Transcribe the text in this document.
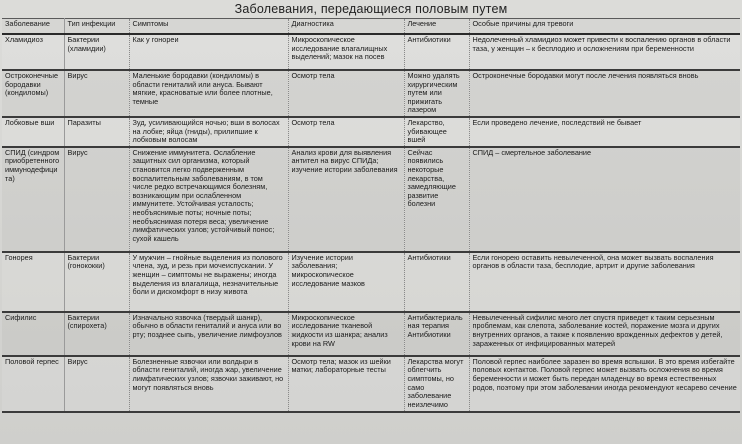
Заболевания, передающиеся половым путем
Заболевание	Тип инфекции	Симптомы	Диагностика	Лечение	Особые причины для тревоги
Хламидиоз	Бактерии (хламидии)	Как у гонореи	Микроскопическое исследование влагалищных выделений; мазок на посев	Антибиотики	Недолеченный хламидиоз может привести к воспалению органов в области таза, у женщин – к бесплодию и осложнениям при беременности
Остроконечные бородавки (кондиломы)	Вирус	Маленькие бородавки (кондиломы) в области гениталий или ануса. Бывают мягкие, красноватые или более плотные, темные	Осмотр тела	Можно удалять хирургическим путем или прижигать лазером	Остроконечные бородавки могут после лечения появляться вновь
Лобковые вши	Паразиты	Зуд, усиливающийся ночью; вши в волосах на лобке; яйца (гниды), прилипшие к лобковым волосам	Осмотр тела	Лекарство, убивающее вшей	Если проведено лечение, последствий не бывает
СПИД (синдром приобретенного иммунодефицита)	Вирус	Снижение иммунитета. Ослабление защитных сил организма, который становится легко подверженным воспалительным заболеваниям, в том числе редко встречающимся болезням, возникающим при ослабленном иммунитете. Устойчивая усталость; необъяснимые поты; ночные поты; необъяснимая потеря веса; увеличение лимфатических узлов; устойчивый понос; сухой кашель	Анализ крови для выявления антител на вирус СПИДа; изучение истории заболевания	Сейчас появились некоторые лекарства, замедляющие развитие болезни	СПИД – смертельное заболевание
Гонорея	Бактерии (гонококки)	У мужчин – гнойные выделения из полового члена, зуд, и резь при мочеиспускании. У женщин – симптомы не выражены; иногда выделения из влагалища, незначительные боли и дискомфорт в низу живота	Изучение истории заболевания; микроскопическое исследование мазков	Антибиотики	Если гонорею оставить невылеченной, она может вызвать воспаления органов в области таза, бесплодие, артрит и другие заболевания
Сифилис	Бактерии (спирохета)	Изначально язвочка (твердый шанкр), обычно в области гениталий и ануса или во рту; позднее сыпь, увеличение лимфоузлов	Микроскопическое исследование тканевой жидкости из шанкра; анализ крови на RW	Антибактериальная терапия Антибиотики	Невылеченный сифилис много лет спустя приведет к таким серьезным проблемам, как слепота, заболевание костей, поражение мозга и других внутренних органов, а также к появлению врожденных дефектов у детей, зараженных от инфицированных матерей
Половой герпес	Вирус	Болезненные язвочки или волдыри в области гениталий, иногда жар, увеличение лимфатических узлов; язвочки заживают, но могут появляться вновь	Осмотр тела; мазок из шейки матки; лабораторные тесты	Лекарства могут облегчить симптомы, но само заболевание неизлечимо	Половой герпес наиболее заразен во время вспышки. В это время избегайте половых контактов. Половой герпес может вызвать осложнения во время беременности и может быть передан младенцу во время естественных родов, поэтому при этом заболевании иногда рекомендуют кесарево сечение
